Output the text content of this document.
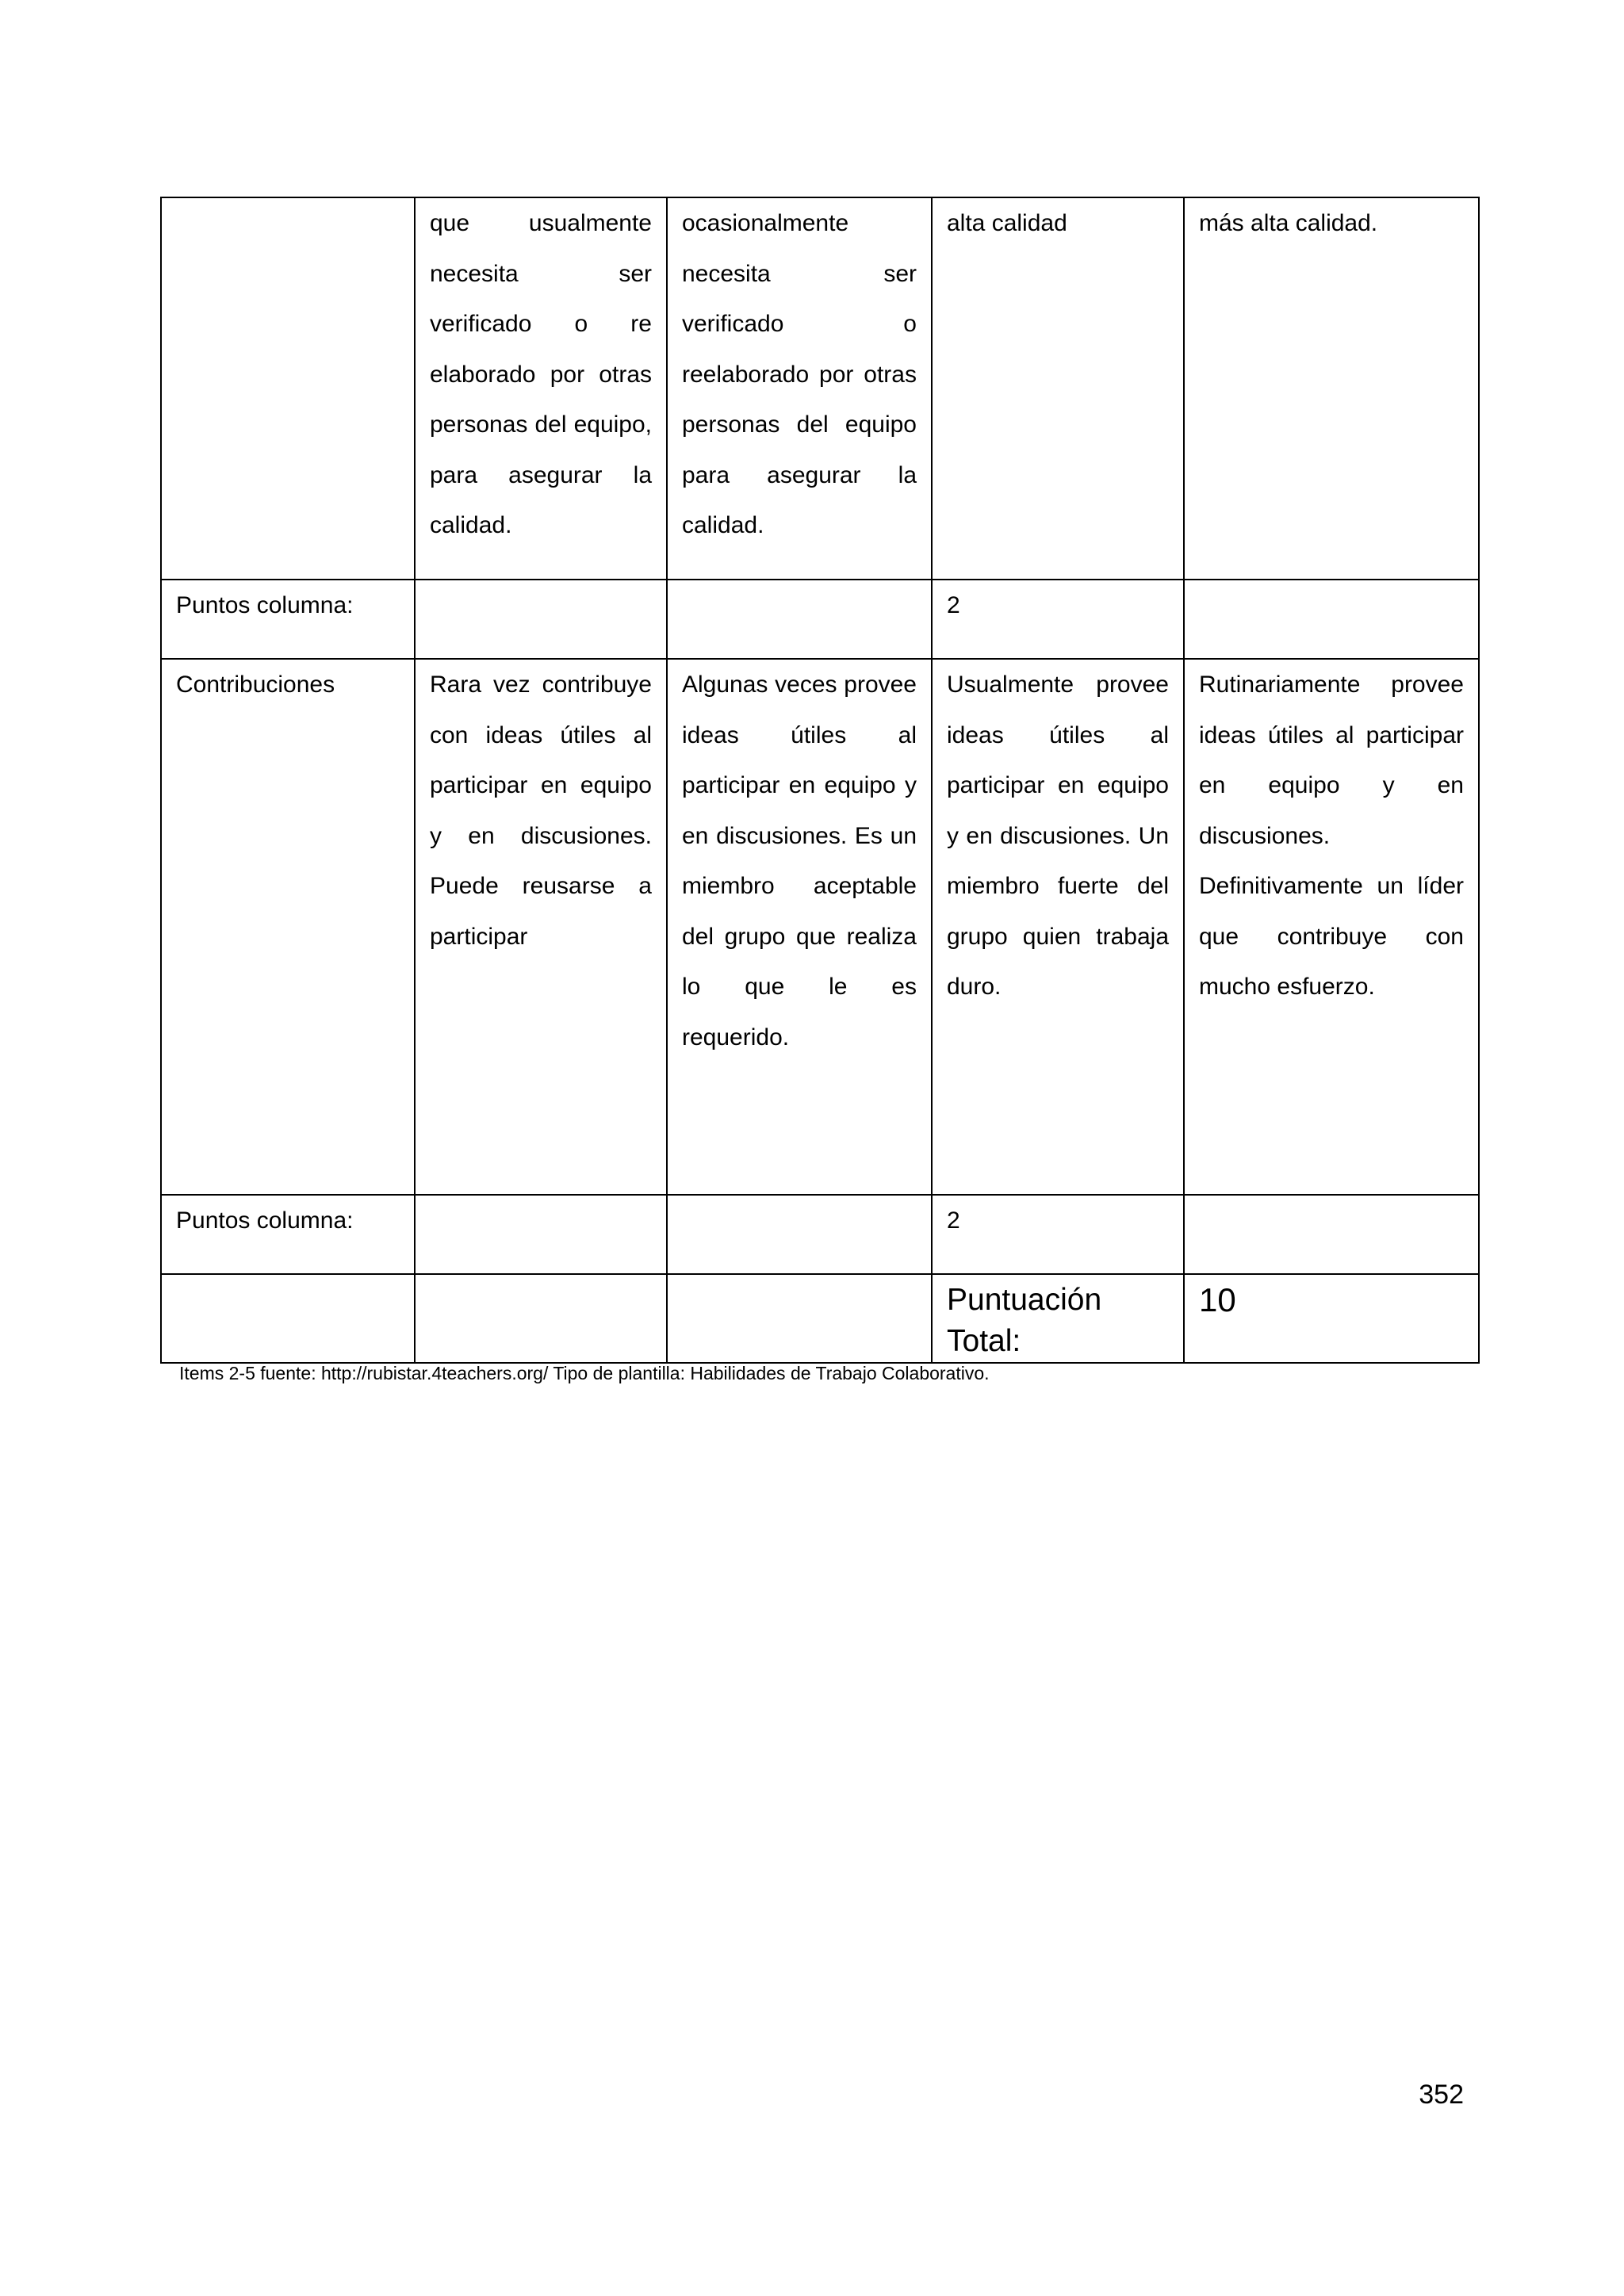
	que usualmente necesita ser verificado o re elaborado por otras personas del equipo, para asegurar la calidad.	ocasionalmente necesita ser verificado o reelaborado por otras personas del equipo para asegurar la calidad.	alta calidad	más alta calidad.
Puntos columna:			2	
Contribuciones	Rara vez contribuye con ideas útiles al participar en equipo y en discusiones. Puede reusarse a participar	Algunas veces provee ideas útiles al participar en equipo y en discusiones. Es un miembro aceptable del grupo que realiza lo que le es requerido.	Usualmente provee ideas útiles al participar en equipo y en discusiones. Un miembro fuerte del grupo quien trabaja duro.	Rutinariamente provee ideas útiles al participar en equipo y en discusiones. Definitivamente un líder que contribuye con mucho esfuerzo.
Puntos columna:			2	
			Puntuación Total:	10
Items 2-5 fuente: http://rubistar.4teachers.org/ Tipo de plantilla: Habilidades de Trabajo Colaborativo.
352
